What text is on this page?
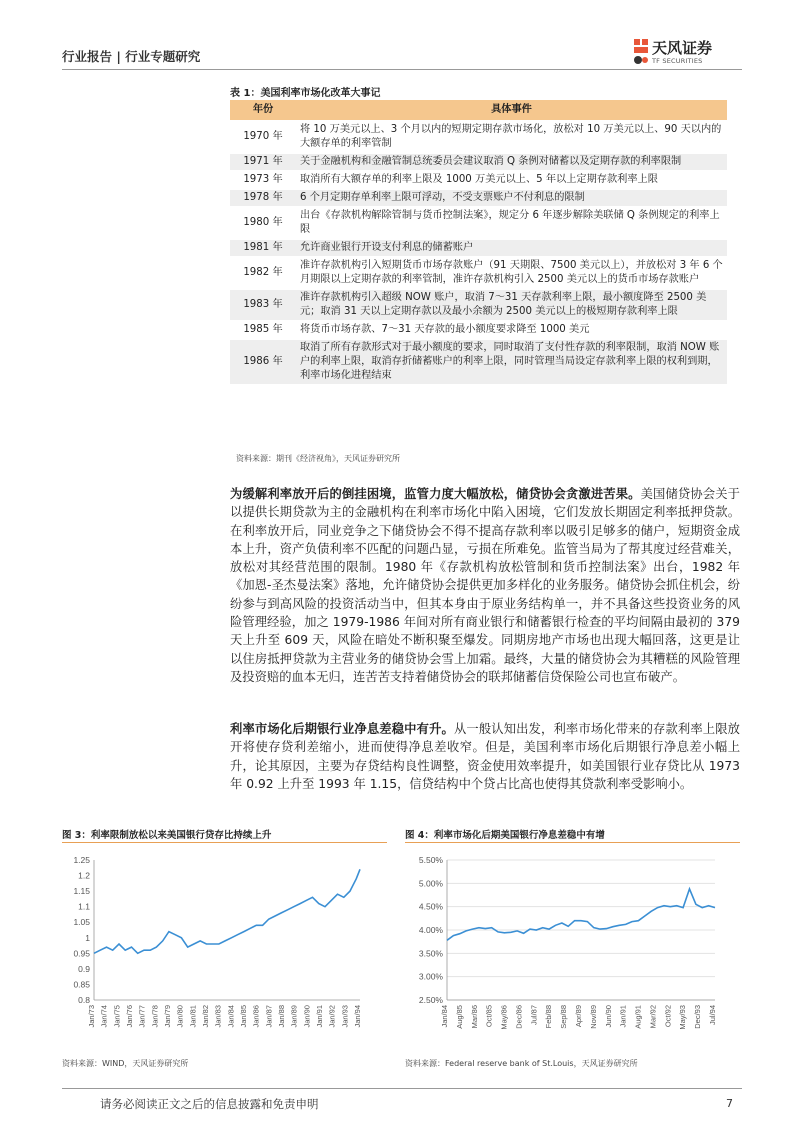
行业报告 | 行业专题研究	天风证券
TF SECURITIES
表 1：美国利率市场化改革大事记
年份	具体事件
1970 年	将 10 万美元以上、3 个月以内的短期定期存款市场化，放松对 10 万美元以上、90 天以内的大额存单的利率管制
1971 年	关于金融机构和金融管制总统委员会建议取消 Q 条例对储蓄以及定期存款的利率限制
1973 年	取消所有大额存单的利率上限及 1000 万美元以上、5 年以上定期存款利率上限
1978 年	6 个月定期存单利率上限可浮动，不受支票账户不付利息的限制
1980 年	出台《存款机构解除管制与货币控制法案》，规定分 6 年逐步解除美联储 Q 条例规定的利率上限
1981 年	允许商业银行开设支付利息的储蓄账户
1982 年	准许存款机构引入短期货币市场存款账户（91 天期限、7500 美元以上），并放松对 3 年 6 个月期限以上定期存款的利率管制，准许存款机构引入 2500 美元以上的货币市场存款账户
1983 年	准许存款机构引入超级 NOW 账户，取消 7～31 天存款利率上限，最小额度降至 2500 美元；取消 31 天以上定期存款以及最小余额为 2500 美元以上的极短期存款利率上限
1985 年	将货币市场存款、7～31 天存款的最小额度要求降至 1000 美元
1986 年	取消了所有存款形式对于最小额度的要求，同时取消了支付性存款的利率限制，取消 NOW 账户的利率上限，取消存折储蓄账户的利率上限，同时管理当局设定存款利率上限的权利到期，利率市场化进程结束
资料来源：期刊《经济视角》，天风证券研究所

为缓解利率放开后的倒挂困境，监管力度大幅放松，储贷协会贪激进苦果。美国储贷协会关于以提供长期贷款为主的金融机构在利率市场化中陷入困境，它们发放长期固定利率抵押贷款。在利率放开后，同业竞争之下储贷协会不得不提高存款利率以吸引足够多的储户，短期资金成本上升，资产负债利率不匹配的问题凸显，亏损在所难免。监管当局为了帮其度过经营难关，放松对其经营范围的限制。1980 年《存款机构放松管制和货币控制法案》出台，1982 年《加恩-圣杰曼法案》落地，允许储贷协会提供更加多样化的业务服务。储贷协会抓住机会，纷纷参与到高风险的投资活动当中，但其本身由于原业务结构单一，并不具备这些投资业务的风险管理经验，加之 1979-1986 年间对所有商业银行和储蓄银行检查的平均间隔由最初的 379 天上升至 609 天，风险在暗处不断积聚至爆发。同期房地产市场也出现大幅回落，这更是让以住房抵押贷款为主营业务的储贷协会雪上加霜。最终，大量的储贷协会为其糟糕的风险管理及投资赔的血本无归，连苦苦支持着储贷协会的联邦储蓄信贷保险公司也宣布破产。

利率市场化后期银行业净息差稳中有升。从一般认知出发，利率市场化带来的存款利率上限放开将使存贷利差缩小，进而使得净息差收窄。但是，美国利率市场化后期银行净息差小幅上升，论其原因，主要为存贷结构良性调整，资金使用效率提升，如美国银行业存贷比从 1973 年 0.92 上升至 1993 年 1.15，信贷结构中个贷占比高也使得其贷款利率受影响小。

图 3：利率限制放松以来美国银行贷存比持续上升
1.25
1.2
1.15
1.1
1.05
1
0.95
0.9
0.85
0.8
Jan/73 Jan/74 Jan/75 Jan/76 Jan/77 Jan/78 Jan/79 Jan/80 Jan/81 Jan/82 Jan/83 Jan/84 Jan/85 Jan/86 Jan/87 Jan/88 Jan/89 Jan/90 Jan/91 Jan/92 Jan/93 Jan/94
资料来源：WIND，天风证券研究所
图 4：利率市场化后期美国银行净息差稳中有增
5.50%
5.00%
4.50%
4.00%
3.50%
3.00%
2.50%
Jan/84 Aug/85 Mar/86 Oct/85 May/86 Dec/86 Jul/87 Feb/88 Sep/88 Apr/89 Nov/89 Jun/90 Jan/91 Aug/91 Mar/92 Oct/92 May/93 Dec/93 Jul/94
资料来源：Federal reserve bank of St.Louis，天风证券研究所
请务必阅读正文之后的信息披露和免责申明	7
